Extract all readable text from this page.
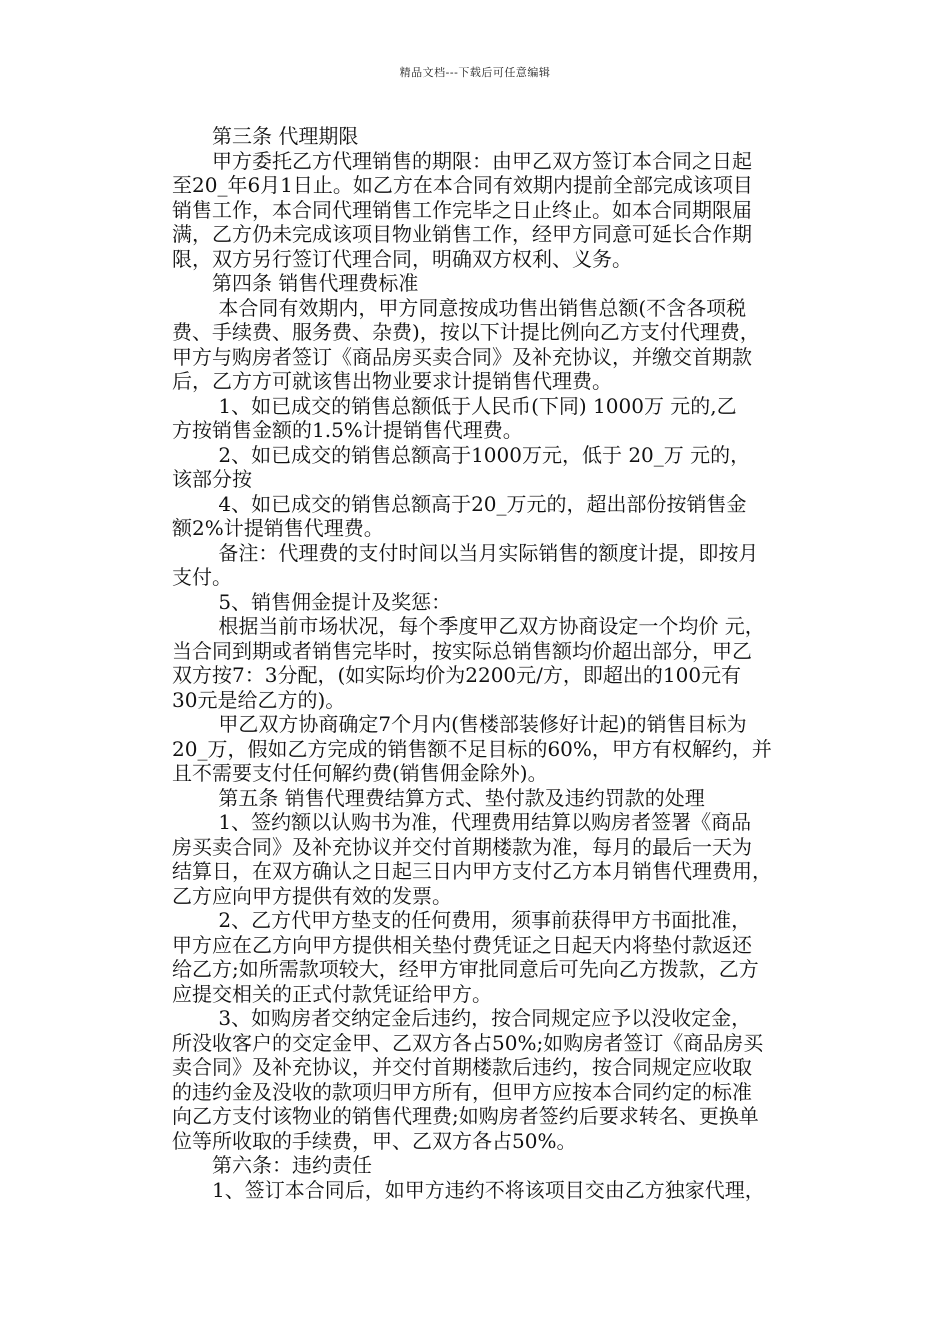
精品文档---下载后可任意编辑
　　第三条 代理期限
　　甲方委托乙方代理销售的期限：由甲乙双方签订本合同之日起
至20_年6月1日止。如乙方在本合同有效期内提前全部完成该项目
销售工作，本合同代理销售工作完毕之日止终止。如本合同期限届
满，乙方仍未完成该项目物业销售工作，经甲方同意可延长合作期
限，双方另行签订代理合同，明确双方权利、义务。
　　第四条 销售代理费标准
　　 本合同有效期内，甲方同意按成功售出销售总额(不含各项税
费、手续费、服务费、杂费)，按以下计提比例向乙方支付代理费，
甲方与购房者签订《商品房买卖合同》及补充协议，并缴交首期款
后，乙方方可就该售出物业要求计提销售代理费。
　　 1、如已成交的销售总额低于人民币(下同) 1000万 元的,乙
方按销售金额的1.5%计提销售代理费。
　　 2、如已成交的销售总额高于1000万元，低于 20_万 元的，
该部分按
　　 4、如已成交的销售总额高于20_万元的，超出部份按销售金
额2%计提销售代理费。
　　 备注：代理费的支付时间以当月实际销售的额度计提，即按月
支付。
　　 5、销售佣金提计及奖惩：
　　 根据当前市场状况，每个季度甲乙双方协商设定一个均价 元，
当合同到期或者销售完毕时，按实际总销售额均价超出部分，甲乙
双方按7：3分配，(如实际均价为2200元/方，即超出的100元有
30元是给乙方的)。
　　 甲乙双方协商确定7个月内(售楼部装修好计起)的销售目标为
20_万，假如乙方完成的销售额不足目标的60%，甲方有权解约，并
且不需要支付任何解约费(销售佣金除外)。
　　 第五条 销售代理费结算方式、垫付款及违约罚款的处理
　　 1、签约额以认购书为准，代理费用结算以购房者签署《商品
房买卖合同》及补充协议并交付首期楼款为准，每月的最后一天为
结算日，在双方确认之日起三日内甲方支付乙方本月销售代理费用，
乙方应向甲方提供有效的发票。
　　 2、乙方代甲方垫支的任何费用，须事前获得甲方书面批准，
甲方应在乙方向甲方提供相关垫付费凭证之日起天内将垫付款返还
给乙方;如所需款项较大，经甲方审批同意后可先向乙方拨款，乙方
应提交相关的正式付款凭证给甲方。
　　 3、如购房者交纳定金后违约，按合同规定应予以没收定金，
所没收客户的交定金甲、乙双方各占50%;如购房者签订《商品房买
卖合同》及补充协议，并交付首期楼款后违约，按合同规定应收取
的违约金及没收的款项归甲方所有，但甲方应按本合同约定的标准
向乙方支付该物业的销售代理费;如购房者签约后要求转名、更换单
位等所收取的手续费，甲、乙双方各占50%。
　　第六条：违约责任
　　1、签订本合同后，如甲方违约不将该项目交由乙方独家代理，
